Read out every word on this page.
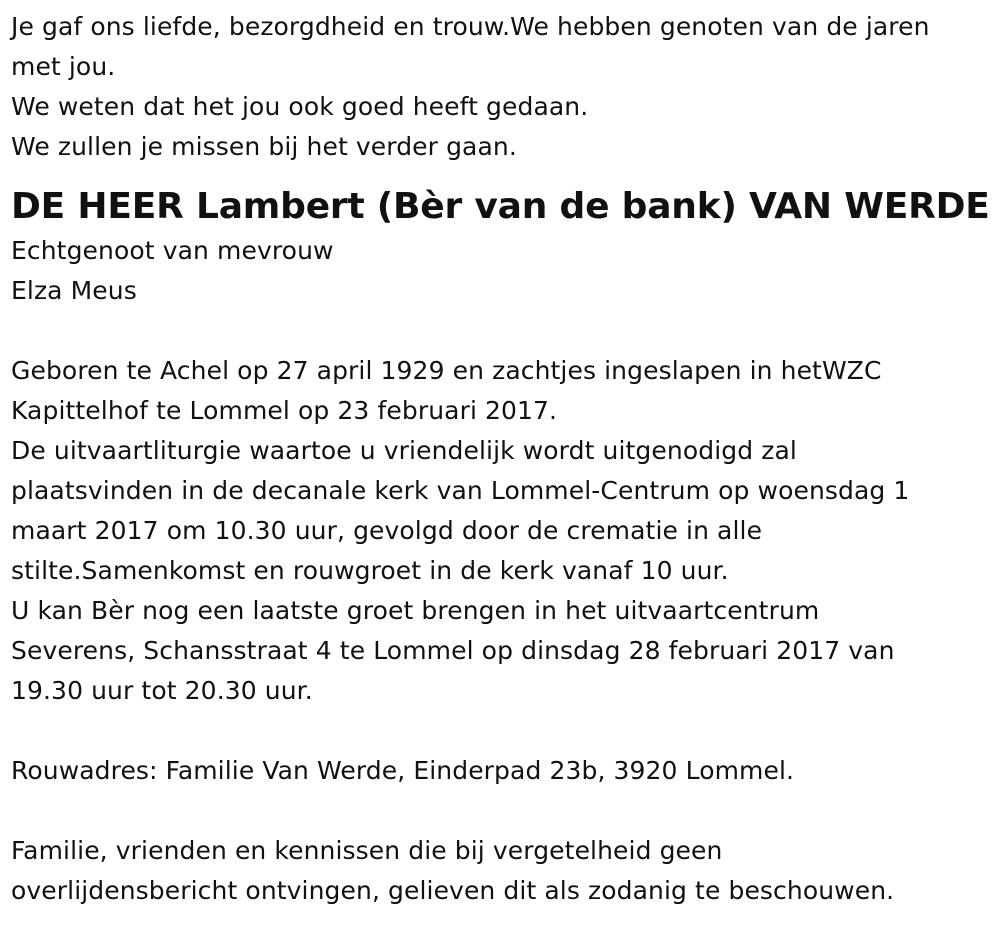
Je gaf ons liefde, bezorgdheid en trouw.We hebben genoten van de jaren
met jou.
We weten dat het jou ook goed heeft gedaan.
We zullen je missen bij het verder gaan.
DE HEER Lambert (Bèr van de bank) VAN WERDE
Echtgenoot van mevrouw
Elza Meus
Geboren te Achel op 27 april 1929 en zachtjes ingeslapen in hetWZC
Kapittelhof te Lommel op 23 februari 2017.
De uitvaartliturgie waartoe u vriendelijk wordt uitgenodigd zal
plaatsvinden in de decanale kerk van Lommel-Centrum op woensdag 1
maart 2017 om 10.30 uur, gevolgd door de crematie in alle
stilte.Samenkomst en rouwgroet in de kerk vanaf 10 uur.
U kan Bèr nog een laatste groet brengen in het uitvaartcentrum
Severens, Schansstraat 4 te Lommel op dinsdag 28 februari 2017 van
19.30 uur tot 20.30 uur.
Rouwadres: Familie Van Werde, Einderpad 23b, 3920 Lommel.
Familie, vrienden en kennissen die bij vergetelheid geen
overlijdensbericht ontvingen, gelieven dit als zodanig te beschouwen.
